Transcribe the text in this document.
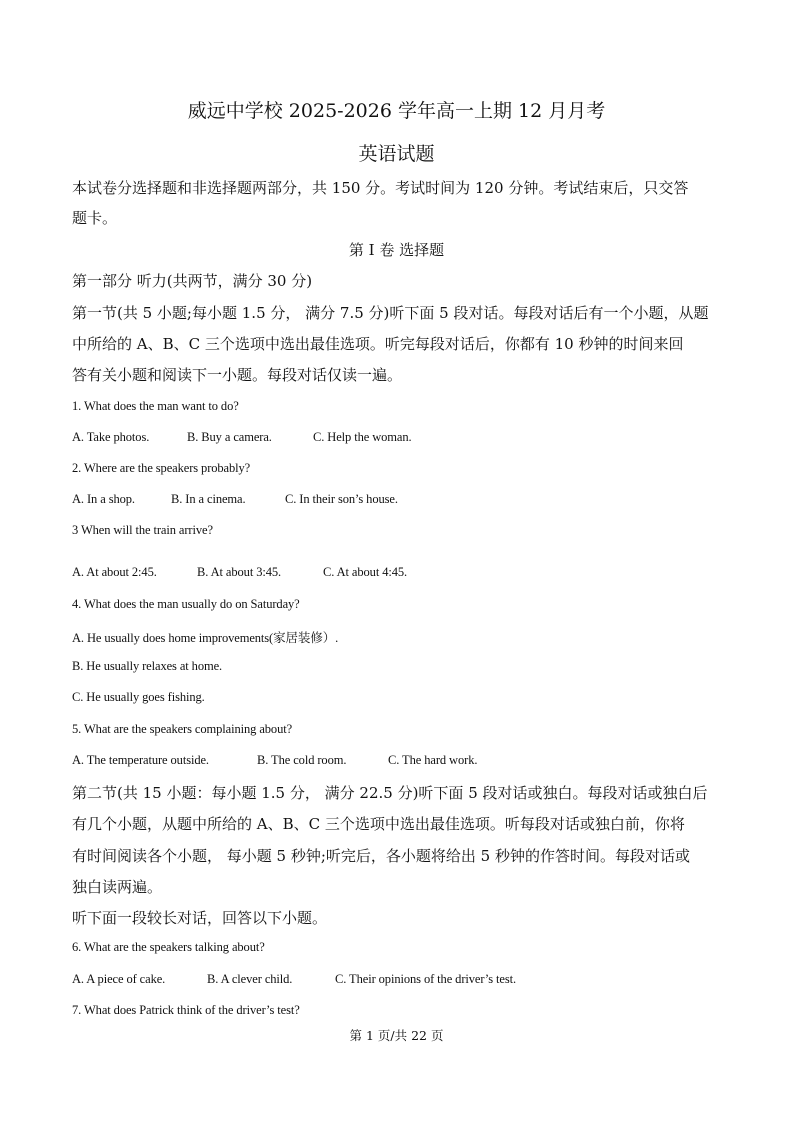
威远中学校 2025-2026 学年高一上期 12 月月考
英语试题
本试卷分选择题和非选择题两部分，共 150 分。考试时间为 120 分钟。考试结束后，只交答
题卡。
第 I 卷 选择题
第一部分 听力(共两节，满分 30 分)
第一节(共 5 小题;每小题 1.5 分， 满分 7.5 分)听下面 5 段对话。每段对话后有一个小题，从题
中所给的 A、B、C 三个选项中选出最佳选项。听完每段对话后，你都有 10 秒钟的时间来回
答有关小题和阅读下一小题。每段对话仅读一遍。
1. What does the man want to do?
A. Take photos.	B. Buy a camera.	C. Help the woman.
2. Where are the speakers probably?
A. In a shop.	B. In a cinema.	C. In their son’s house.
3 When will the train arrive?
A. At about 2:45.	B. At about 3:45.	C. At about 4:45.
4. What does the man usually do on Saturday?
A. He usually does home improvements(家居装修）.
B. He usually relaxes at home.
C. He usually goes fishing.
5. What are the speakers complaining about?
A. The temperature outside.	B. The cold room.	C. The hard work.
第二节(共 15 小题：每小题 1.5 分， 满分 22.5 分)听下面 5 段对话或独白。每段对话或独白后
有几个小题，从题中所给的 A、B、C 三个选项中选出最佳选项。听每段对话或独白前，你将
有时间阅读各个小题， 每小题 5 秒钟;听完后，各小题将给出 5 秒钟的作答时间。每段对话或
独白读两遍。
听下面一段较长对话，回答以下小题。
6. What are the speakers talking about?
A. A piece of cake.	B. A clever child.	C. Their opinions of the driver’s test.
7. What does Patrick think of the driver’s test?
第 1 页/共 22 页
